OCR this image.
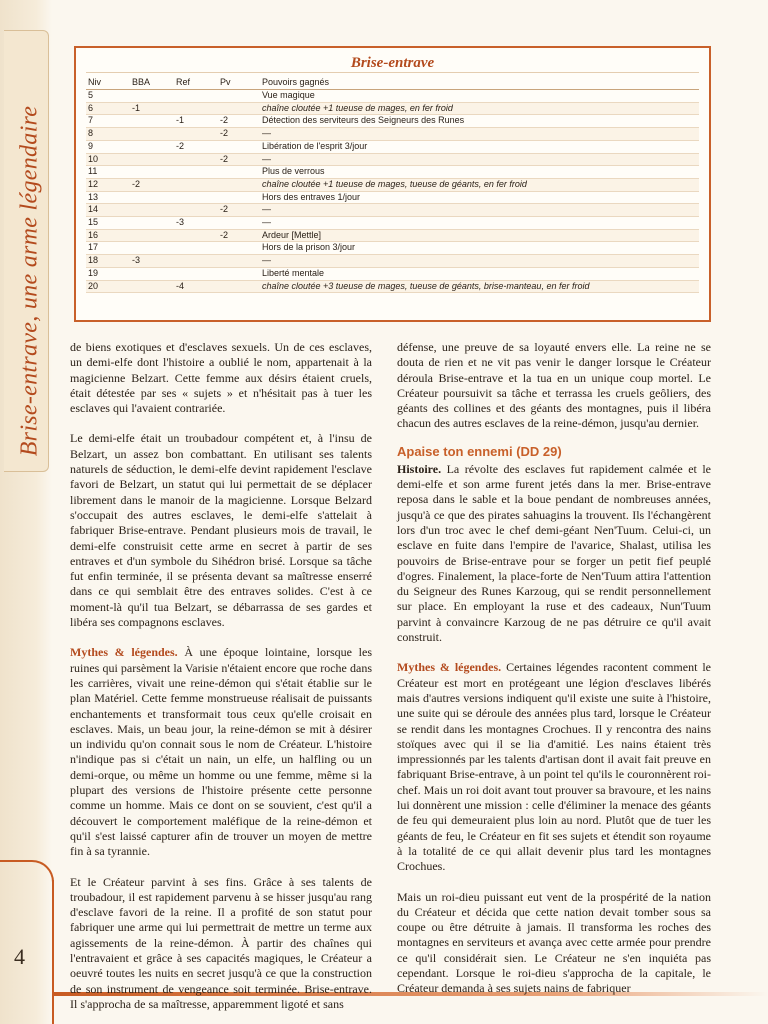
Brise-entrave, une arme légendaire
4
Brise-entrave
Niv	BBA	Ref	Pv	Pouvoirs gagnés
5				Vue magique
6	-1			chaîne cloutée +1 tueuse de mages, en fer froid
7		-1	-2	Détection des serviteurs des Seigneurs des Runes
8			-2	—
9		-2		Libération de l'esprit 3/jour
10			-2	—
11				Plus de verrous
12	-2			chaîne cloutée +1 tueuse de mages, tueuse de géants, en fer froid
13				Hors des entraves 1/jour
14			-2	—
15		-3		—
16			-2	Ardeur [Mettle]
17				Hors de la prison 3/jour
18	-3			—
19				Liberté mentale
20		-4		chaîne cloutée +3 tueuse de mages, tueuse de géants, brise-manteau, en fer froid

de biens exotiques et d'esclaves sexuels. Un de ces esclaves, un demi-elfe dont l'histoire a oublié le nom, appartenait à la magicienne Belzart. Cette femme aux désirs étaient cruels, était détestée par ses « sujets » et n'hésitait pas à tuer les esclaves qui l'avaient contrariée.

Le demi-elfe était un troubadour compétent et, à l'insu de Belzart, un assez bon combattant. En utilisant ses talents naturels de séduction, le demi-elfe devint rapidement l'esclave favori de Belzart, un statut qui lui permettait de se déplacer librement dans le manoir de la magicienne. Lorsque Belzard s'occupait des autres esclaves, le demi-elfe s'attelait à fabriquer Brise-entrave. Pendant plusieurs mois de travail, le demi-elfe construisit cette arme en secret à partir de ses entraves et d'un symbole du Sihédron brisé. Lorsque sa tâche fut enfin terminée, il se présenta devant sa maîtresse enserré dans ce qui semblait être des entraves solides. C'est à ce moment-là qu'il tua Belzart, se débarrassa de ses gardes et libéra ses compagnons esclaves.

Mythes & légendes. À une époque lointaine, lorsque les ruines qui parsèment la Varisie n'étaient encore que roche dans les carrières, vivait une reine-démon qui s'était établie sur le plan Matériel. Cette femme monstrueuse réalisait de puissants enchantements et transformait tous ceux qu'elle croisait en esclaves. Mais, un beau jour, la reine-démon se mit à désirer un individu qu'on connait sous le nom de Créateur. L'histoire n'indique pas si c'était un nain, un elfe, un halfling ou un demi-orque, ou même un homme ou une femme, même si la plupart des versions de l'histoire présente cette personne comme un homme. Mais ce dont on se souvient, c'est qu'il a découvert le comportement maléfique de la reine-démon et qu'il s'est laissé capturer afin de trouver un moyen de mettre fin à sa tyrannie.

Et le Créateur parvint à ses fins. Grâce à ses talents de troubadour, il est rapidement parvenu à se hisser jusqu'au rang d'esclave favori de la reine. Il a profité de son statut pour fabriquer une arme qui lui permettrait de mettre un terme aux agissements de la reine-démon. À partir des chaînes qui l'entravaient et grâce à ses capacités magiques, le Créateur a oeuvré toutes les nuits en secret jusqu'à ce que la construction de son instrument de vengeance soit terminée. Brise-entrave. Il s'approcha de sa maîtresse, apparemment ligoté et sans

défense, une preuve de sa loyauté envers elle. La reine ne se douta de rien et ne vit pas venir le danger lorsque le Créateur déroula Brise-entrave et la tua en un unique coup mortel. Le Créateur poursuivit sa tâche et terrassa les cruels geôliers, des géants des collines et des géants des montagnes, puis il libéra chacun des autres esclaves de la reine-démon, jusqu'au dernier.

Apaise ton ennemi (DD 29)

Histoire. La révolte des esclaves fut rapidement calmée et le demi-elfe et son arme furent jetés dans la mer. Brise-entrave reposa dans le sable et la boue pendant de nombreuses années, jusqu'à ce que des pirates sahuagins la trouvent. Ils l'échangèrent lors d'un troc avec le chef demi-géant Nen'Tuum. Celui-ci, un esclave en fuite dans l'empire de l'avarice, Shalast, utilisa les pouvoirs de Brise-entrave pour se forger un petit fief peuplé d'ogres. Finalement, la place-forte de Nen'Tuum attira l'attention du Seigneur des Runes Karzoug, qui se rendit personnellement sur place. En employant la ruse et des cadeaux, Nun'Tuum parvint à convaincre Karzoug de ne pas détruire ce qu'il avait construit.

Mythes & légendes. Certaines légendes racontent comment le Créateur est mort en protégeant une légion d'esclaves libérés mais d'autres versions indiquent qu'il existe une suite à l'histoire, une suite qui se déroule des années plus tard, lorsque le Créateur se rendit dans les montagnes Crochues. Il y rencontra des nains stoïques avec qui il se lia d'amitié. Les nains étaient très impressionnés par les talents d'artisan dont il avait fait preuve en fabriquant Brise-entrave, à un point tel qu'ils le couronnèrent roi-chef. Mais un roi doit avant tout prouver sa bravoure, et les nains lui donnèrent une mission : celle d'éliminer la menace des géants de feu qui demeuraient plus loin au nord. Plutôt que de tuer les géants de feu, le Créateur en fit ses sujets et étendit son royaume à la totalité de ce qui allait devenir plus tard les montagnes Crochues.

Mais un roi-dieu puissant eut vent de la prospérité de la nation du Créateur et décida que cette nation devait tomber sous sa coupe ou être détruite à jamais. Il transforma les roches des montagnes en serviteurs et avança avec cette armée pour prendre ce qu'il considérait sien. Le Créateur ne s'en inquiéta pas cependant. Lorsque le roi-dieu s'approcha de la capitale, le Créateur demanda à ses sujets nains de fabriquer
